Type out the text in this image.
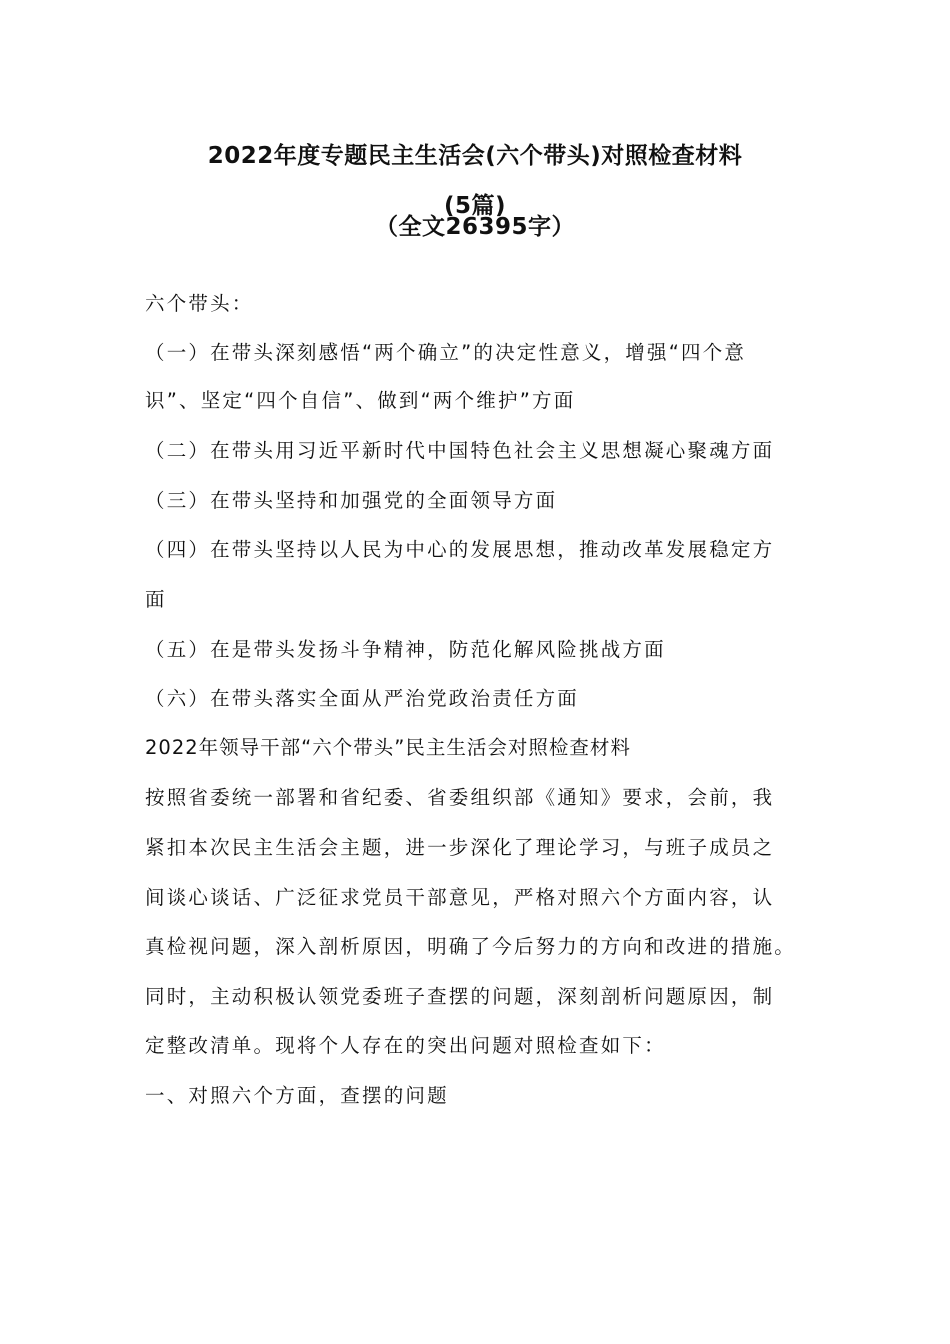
2022年度专题民主生活会(六个带头)对照检查材料
(5篇)
（全文26395字）
六个带头：
（一）在带头深刻感悟“两个确立”的决定性意义，增强“四个意
识”、坚定“四个自信”、做到“两个维护”方面
（二）在带头用习近平新时代中国特色社会主义思想凝心聚魂方面
（三）在带头坚持和加强党的全面领导方面
（四）在带头坚持以人民为中心的发展思想，推动改革发展稳定方
面
（五）在是带头发扬斗争精神，防范化解风险挑战方面
（六）在带头落实全面从严治党政治责任方面
2022年领导干部“六个带头”民主生活会对照检查材料
按照省委统一部署和省纪委、省委组织部《通知》要求，会前，我
紧扣本次民主生活会主题，进一步深化了理论学习，与班子成员之
间谈心谈话、广泛征求党员干部意见，严格对照六个方面内容，认
真检视问题，深入剖析原因，明确了今后努力的方向和改进的措施。
同时，主动积极认领党委班子查摆的问题，深刻剖析问题原因，制
定整改清单。现将个人存在的突出问题对照检查如下：
一、对照六个方面，查摆的问题
